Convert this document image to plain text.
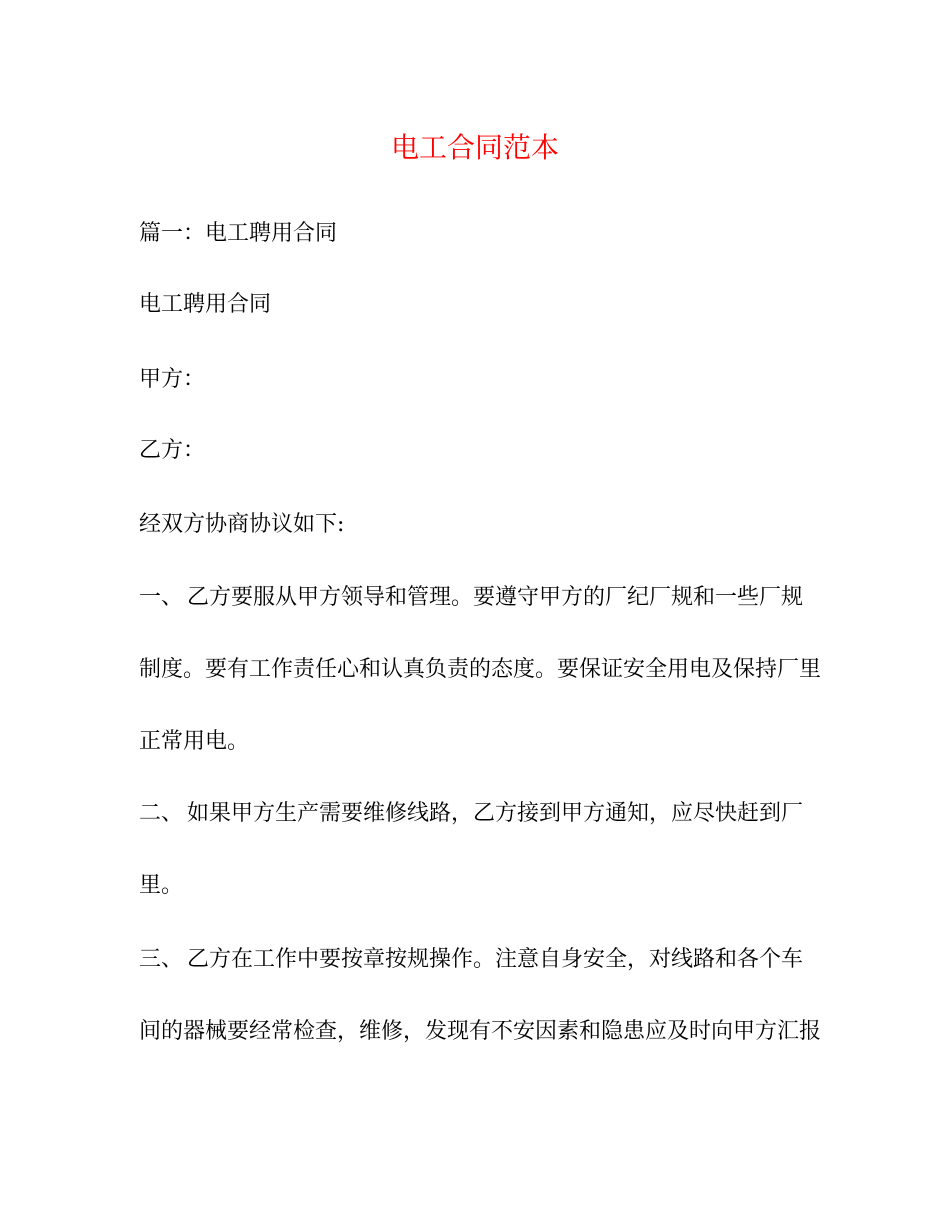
电工合同范本

篇一：电工聘用合同

电工聘用合同

甲方：

乙方：

经双方协商协议如下:

一、 乙方要服从甲方领导和管理。要遵守甲方的厂纪厂规和一些厂规

制度。要有工作责任心和认真负责的态度。要保证安全用电及保持厂里

正常用电。

二、 如果甲方生产需要维修线路，乙方接到甲方通知，应尽快赶到厂

里。

三、 乙方在工作中要按章按规操作。注意自身安全，对线路和各个车

间的器械要经常检查，维修，发现有不安因素和隐患应及时向甲方汇报
